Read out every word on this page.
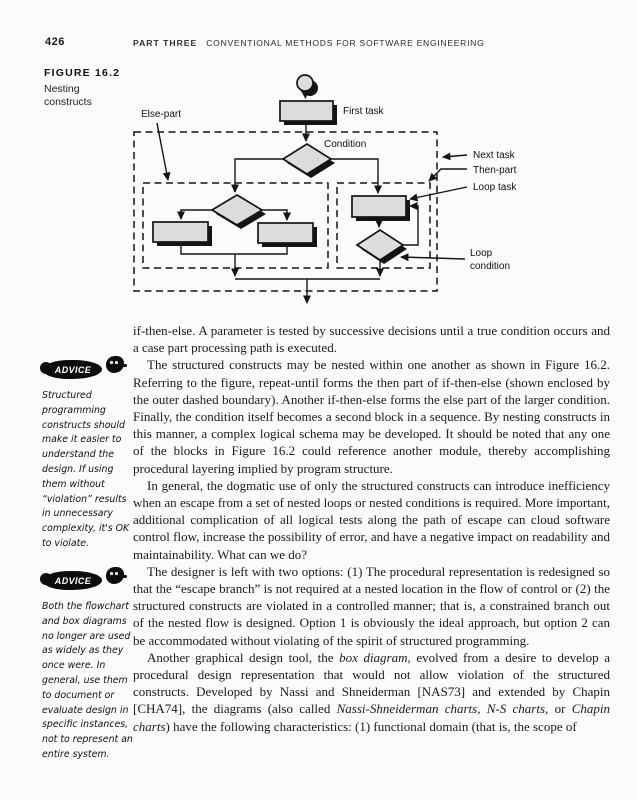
426	PART THREE CONVENTIONAL METHODS FOR SOFTWARE ENGINEERING
FIGURE 16.2
Nesting constructs
First task
Else-part
Condition
Next task
Then-part
Loop task
Loop
condition
ADVICE
Structured programming constructs should make it easier to understand the design. If using them without “violation” results in unnecessary complexity, it's OK to violate.
ADVICE
Both the flowchart and box diagrams no longer are used as widely as they once were. In general, use them to document or evaluate design in specific instances, not to represent an entire system.

if-then-else. A parameter is tested by successive decisions until a true condition occurs and a case part processing path is executed.

The structured constructs may be nested within one another as shown in Figure 16.2. Referring to the figure, repeat-until forms the then part of if-then-else (shown enclosed by the outer dashed boundary). Another if-then-else forms the else part of the larger condition. Finally, the condition itself becomes a second block in a sequence. By nesting constructs in this manner, a complex logical schema may be developed. It should be noted that any one of the blocks in Figure 16.2 could reference another module, thereby accomplishing procedural layering implied by program structure.

In general, the dogmatic use of only the structured constructs can introduce inefficiency when an escape from a set of nested loops or nested conditions is required. More important, additional complication of all logical tests along the path of escape can cloud software control flow, increase the possibility of error, and have a negative impact on readability and maintainability. What can we do?

The designer is left with two options: (1) The procedural representation is redesigned so that the “escape branch” is not required at a nested location in the flow of control or (2) the structured constructs are violated in a controlled manner; that is, a constrained branch out of the nested flow is designed. Option 1 is obviously the ideal approach, but option 2 can be accommodated without violating of the spirit of structured programming.

Another graphical design tool, the box diagram, evolved from a desire to develop a procedural design representation that would not allow violation of the structured constructs. Developed by Nassi and Shneiderman [NAS73] and extended by Chapin [CHA74], the diagrams (also called Nassi-Shneiderman charts, N-S charts, or Chapin charts) have the following characteristics: (1) functional domain (that is, the scope of
